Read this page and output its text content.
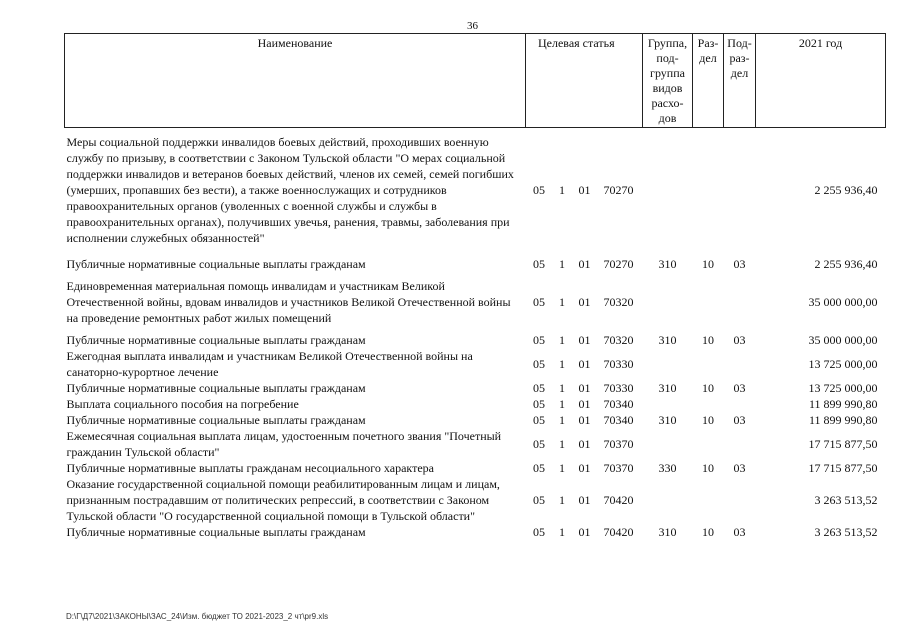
36
Наименование	Целевая статья				Группа, под- группа видов расхо- дов	Раз- дел	Под- раз- дел	2021 год

Меры социальной поддержки инвалидов боевых действий, проходивших военную службу по призыву, в соответствии с Законом Тульской области "О мерах социальной поддержки инвалидов и ветеранов боевых действий, членов их семей, семей погибших (умерших, пропавших без вести), а также военнослужащих и сотрудников правоохранительных органов (уволенных с военной службы и службы в правоохранительных органах), получивших увечья, ранения, травмы, заболевания при исполнении служебных обязанностей"	05	1	01	70270				2 255 936,40

Публичные нормативные социальные выплаты гражданам	05	1	01	70270	310	10	03	2 255 936,40

Единовременная материальная помощь инвалидам и участникам Великой Отечественной войны, вдовам инвалидов и участников Великой Отечественной войны на проведение ремонтных работ жилых помещений	05	1	01	70320				35 000 000,00

Публичные нормативные социальные выплаты гражданам	05	1	01	70320	310	10	03	35 000 000,00
Ежегодная выплата инвалидам и участникам Великой Отечественной войны на санаторно-курортное лечение	05	1	01	70330				13 725 000,00
Публичные нормативные социальные выплаты гражданам	05	1	01	70330	310	10	03	13 725 000,00
Выплата социального пособия на погребение	05	1	01	70340				11 899 990,80
Публичные нормативные социальные выплаты гражданам	05	1	01	70340	310	10	03	11 899 990,80
Ежемесячная социальная выплата лицам, удостоенным почетного звания "Почетный гражданин Тульской области"	05	1	01	70370				17 715 877,50
Публичные нормативные выплаты гражданам несоциального характера	05	1	01	70370	330	10	03	17 715 877,50
Оказание государственной социальной помощи реабилитированным лицам и лицам, признанным пострадавшим от политических репрессий, в соответствии с Законом Тульской области "О государственной социальной помощи в Тульской области"	05	1	01	70420				3 263 513,52
Публичные нормативные социальные выплаты гражданам	05	1	01	70420	310	10	03	3 263 513,52
D:\Г\Д7\2021\ЗАКОНЫ\ЗАС_24\Изм. бюджет ТО 2021-2023_2 чт\pr9.xls
